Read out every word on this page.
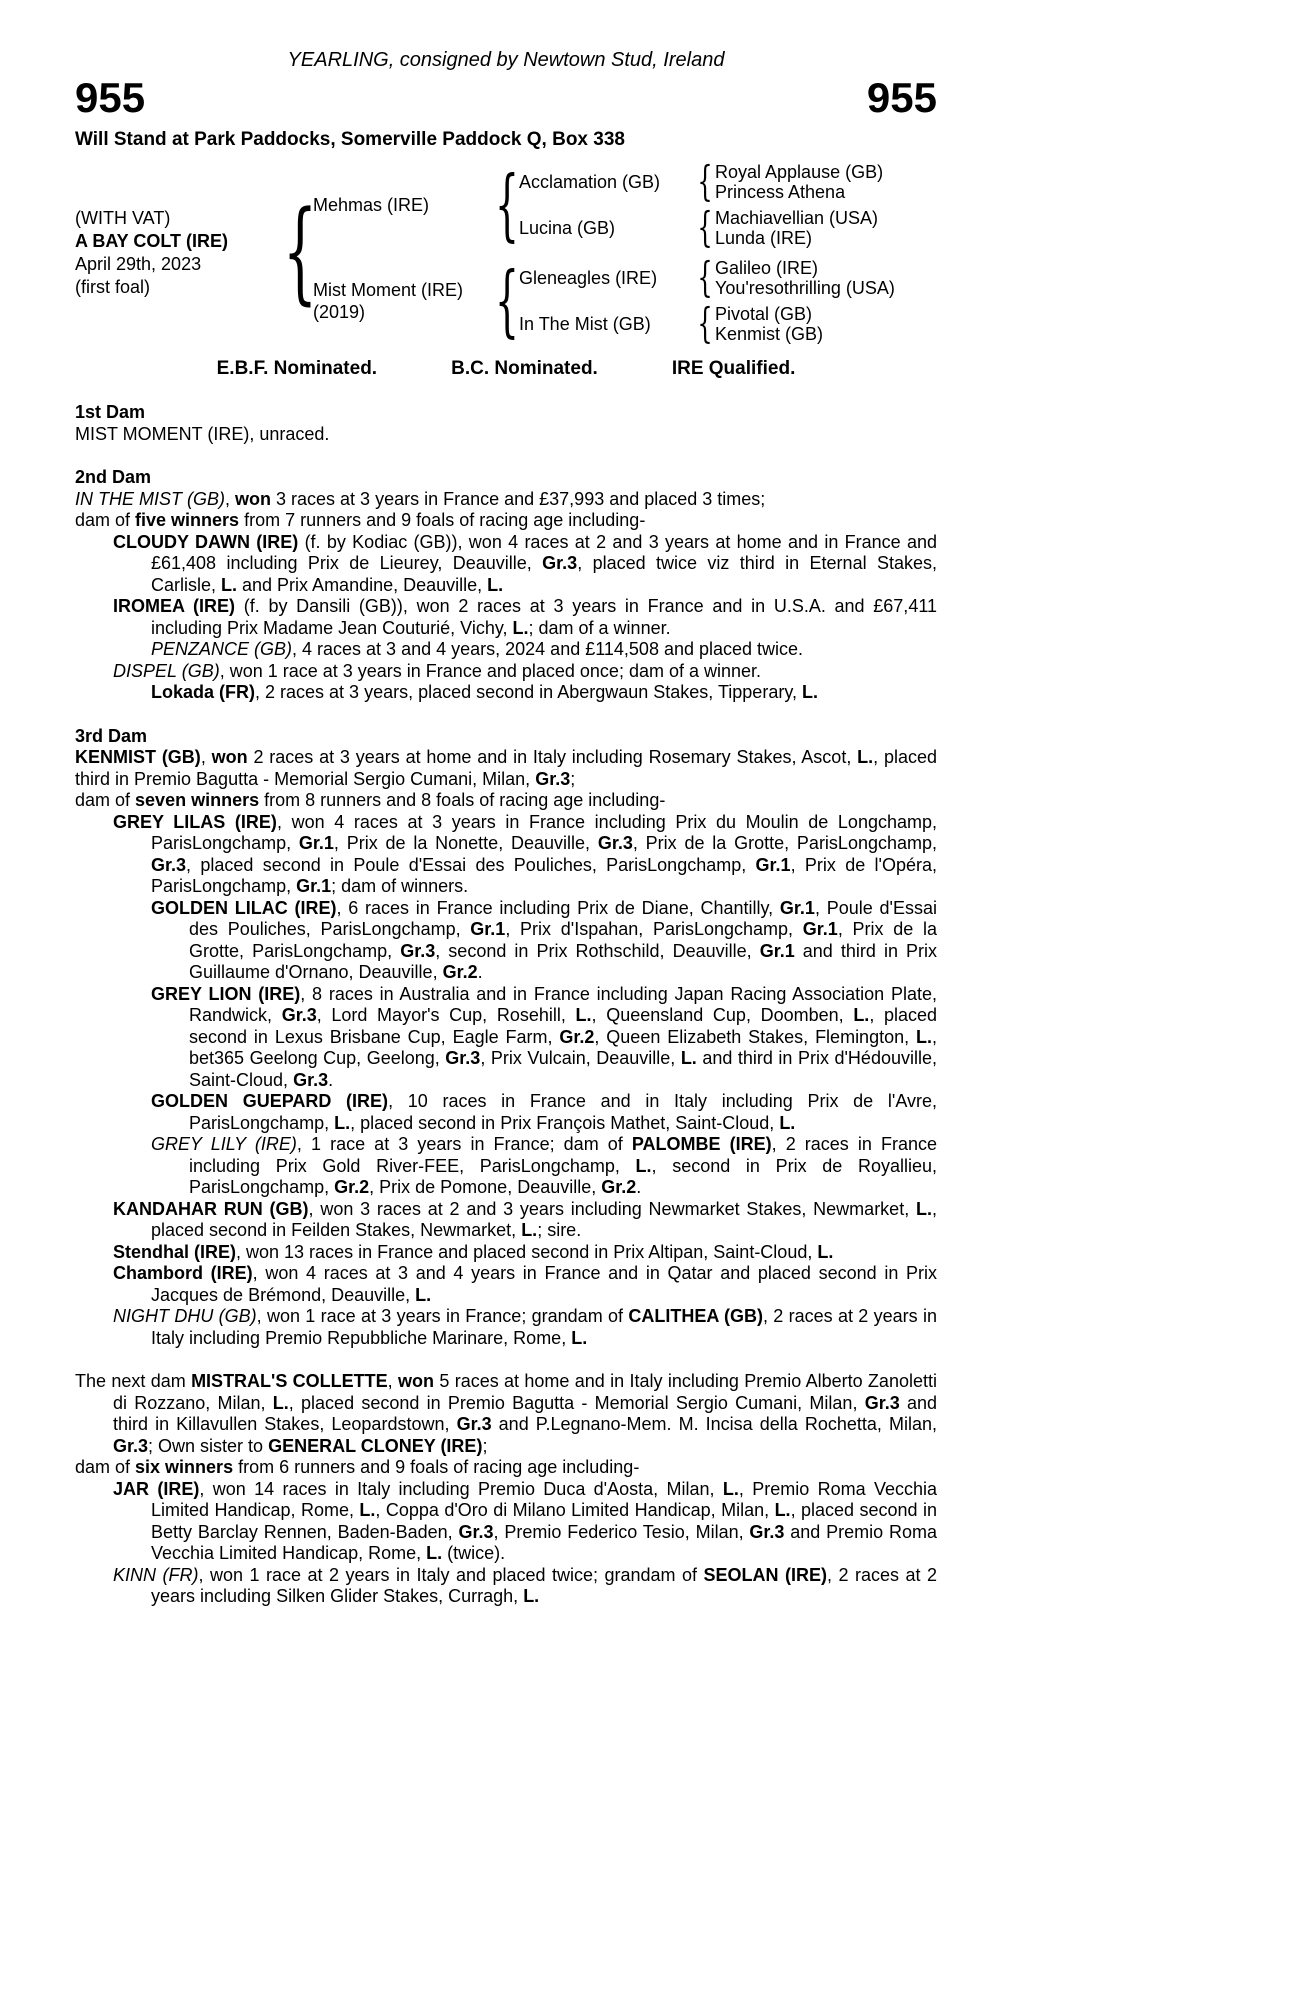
YEARLING, consigned by Newtown Stud, Ireland
955	955
Will Stand at Park Paddocks, Somerville Paddock Q, Box 338
(WITH VAT)
A BAY COLT (IRE)
April 29th, 2023
(first foal)	{
Mehmas (IRE) { Acclamation (GB) { Royal Applause (GB)
Princess Athena
Lucina (GB)	{ Machiavellian (USA)
Lunda (IRE)
Mist Moment (IRE)
(2019)	{ Gleneagles (IRE)	{ Galileo (IRE)
You'resothrilling (USA)
In The Mist (GB)	{ Pivotal (GB)
Kenmist (GB)
E.B.F. Nominated.	B.C. Nominated.	IRE Qualified.
1st Dam
MIST MOMENT (IRE), unraced.
2nd Dam
IN THE MIST (GB), won 3 races at 3 years in France and £37,993 and placed 3 times;
dam of five winners from 7 runners and 9 foals of racing age including-
CLOUDY DAWN (IRE) (f. by Kodiac (GB)), won 4 races at 2 and 3 years at home and in France and £61,408 including Prix de Lieurey, Deauville, Gr.3, placed twice viz third in Eternal Stakes, Carlisle, L. and Prix Amandine, Deauville, L.
IROMEA (IRE) (f. by Dansili (GB)), won 2 races at 3 years in France and in U.S.A. and £67,411 including Prix Madame Jean Couturié, Vichy, L.; dam of a winner.
PENZANCE (GB), 4 races at 3 and 4 years, 2024 and £114,508 and placed twice.
DISPEL (GB), won 1 race at 3 years in France and placed once; dam of a winner.
Lokada (FR), 2 races at 3 years, placed second in Abergwaun Stakes, Tipperary, L.
3rd Dam
KENMIST (GB), won 2 races at 3 years at home and in Italy including Rosemary Stakes, Ascot, L., placed third in Premio Bagutta - Memorial Sergio Cumani, Milan, Gr.3;
dam of seven winners from 8 runners and 8 foals of racing age including-
GREY LILAS (IRE), won 4 races at 3 years in France including Prix du Moulin de Longchamp, ParisLongchamp, Gr.1, Prix de la Nonette, Deauville, Gr.3, Prix de la Grotte, ParisLongchamp, Gr.3, placed second in Poule d'Essai des Pouliches, ParisLongchamp, Gr.1, Prix de l'Opéra, ParisLongchamp, Gr.1; dam of winners.
GOLDEN LILAC (IRE), 6 races in France including Prix de Diane, Chantilly, Gr.1, Poule d'Essai des Pouliches, ParisLongchamp, Gr.1, Prix d'Ispahan, ParisLongchamp, Gr.1, Prix de la Grotte, ParisLongchamp, Gr.3, second in Prix Rothschild, Deauville, Gr.1 and third in Prix Guillaume d'Ornano, Deauville, Gr.2.
GREY LION (IRE), 8 races in Australia and in France including Japan Racing Association Plate, Randwick, Gr.3, Lord Mayor's Cup, Rosehill, L., Queensland Cup, Doomben, L., placed second in Lexus Brisbane Cup, Eagle Farm, Gr.2, Queen Elizabeth Stakes, Flemington, L., bet365 Geelong Cup, Geelong, Gr.3, Prix Vulcain, Deauville, L. and third in Prix d'Hédouville, Saint-Cloud, Gr.3.
GOLDEN GUEPARD (IRE), 10 races in France and in Italy including Prix de l'Avre, ParisLongchamp, L., placed second in Prix François Mathet, Saint-Cloud, L.
GREY LILY (IRE), 1 race at 3 years in France; dam of PALOMBE (IRE), 2 races in France including Prix Gold River-FEE, ParisLongchamp, L., second in Prix de Royallieu, ParisLongchamp, Gr.2, Prix de Pomone, Deauville, Gr.2.
KANDAHAR RUN (GB), won 3 races at 2 and 3 years including Newmarket Stakes, Newmarket, L., placed second in Feilden Stakes, Newmarket, L.; sire.
Stendhal (IRE), won 13 races in France and placed second in Prix Altipan, Saint-Cloud, L.
Chambord (IRE), won 4 races at 3 and 4 years in France and in Qatar and placed second in Prix Jacques de Brémond, Deauville, L.
NIGHT DHU (GB), won 1 race at 3 years in France; grandam of CALITHEA (GB), 2 races at 2 years in Italy including Premio Repubbliche Marinare, Rome, L.
The next dam MISTRAL'S COLLETTE, won 5 races at home and in Italy including Premio Alberto Zanoletti di Rozzano, Milan, L., placed second in Premio Bagutta - Memorial Sergio Cumani, Milan, Gr.3 and third in Killavullen Stakes, Leopardstown, Gr.3 and P.Legnano-Mem. M. Incisa della Rochetta, Milan, Gr.3; Own sister to GENERAL CLONEY (IRE);
dam of six winners from 6 runners and 9 foals of racing age including-
JAR (IRE), won 14 races in Italy including Premio Duca d'Aosta, Milan, L., Premio Roma Vecchia Limited Handicap, Rome, L., Coppa d'Oro di Milano Limited Handicap, Milan, L., placed second in Betty Barclay Rennen, Baden-Baden, Gr.3, Premio Federico Tesio, Milan, Gr.3 and Premio Roma Vecchia Limited Handicap, Rome, L. (twice).
KINN (FR), won 1 race at 2 years in Italy and placed twice; grandam of SEOLAN (IRE), 2 races at 2 years including Silken Glider Stakes, Curragh, L.
